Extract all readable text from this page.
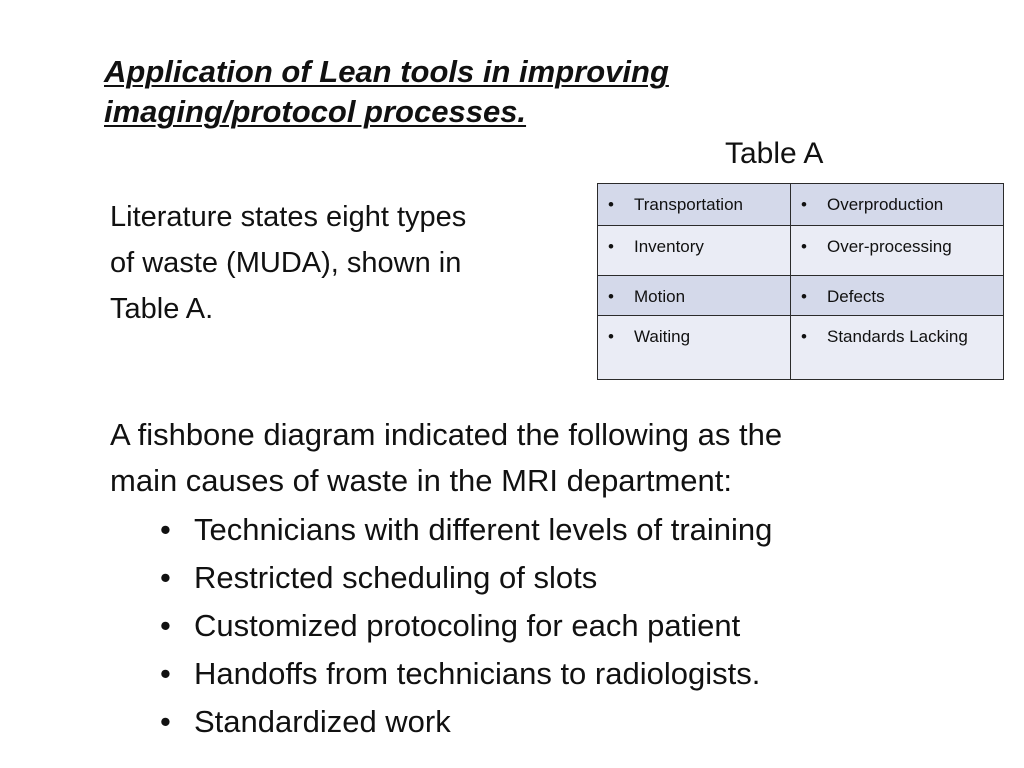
Application of Lean tools in improving
imaging/protocol processes.
Table A

Literature states eight types
of waste (MUDA), shown in
Table A.

• Transportation	• Overproduction

• Inventory	• Over-processing

• Motion	• Defects

• Waiting	• Standards Lacking

A fishbone diagram indicated the following as the
main causes of waste in the MRI department:

• Technicians with different levels of training
• Restricted scheduling of slots
• Customized protocoling for each patient
• Handoffs from technicians to radiologists.
• Standardized work
